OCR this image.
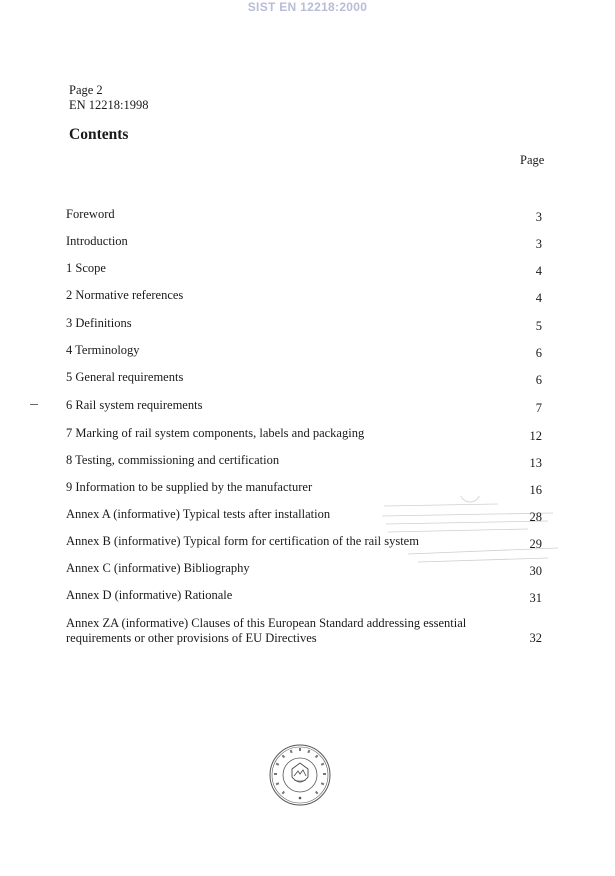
SIST EN 12218:2000
Page 2
EN 12218:1998
Contents
Page
Foreword	3
Introduction	3
1 Scope	4
2 Normative references	4
3 Definitions	5
4 Terminology	6
5 General requirements	6
6 Rail system requirements	7
7 Marking of rail system components, labels and packaging	12
8 Testing, commissioning and certification	13
9 Information to be supplied by the manufacturer	16
Annex A (informative) Typical tests after installation	28
Annex B (informative) Typical form for certification of the rail system	29
Annex C (informative) Bibliography	30
Annex D (informative) Rationale	31
Annex ZA (informative) Clauses of this European Standard addressing essential requirements or other provisions of EU Directives	32
